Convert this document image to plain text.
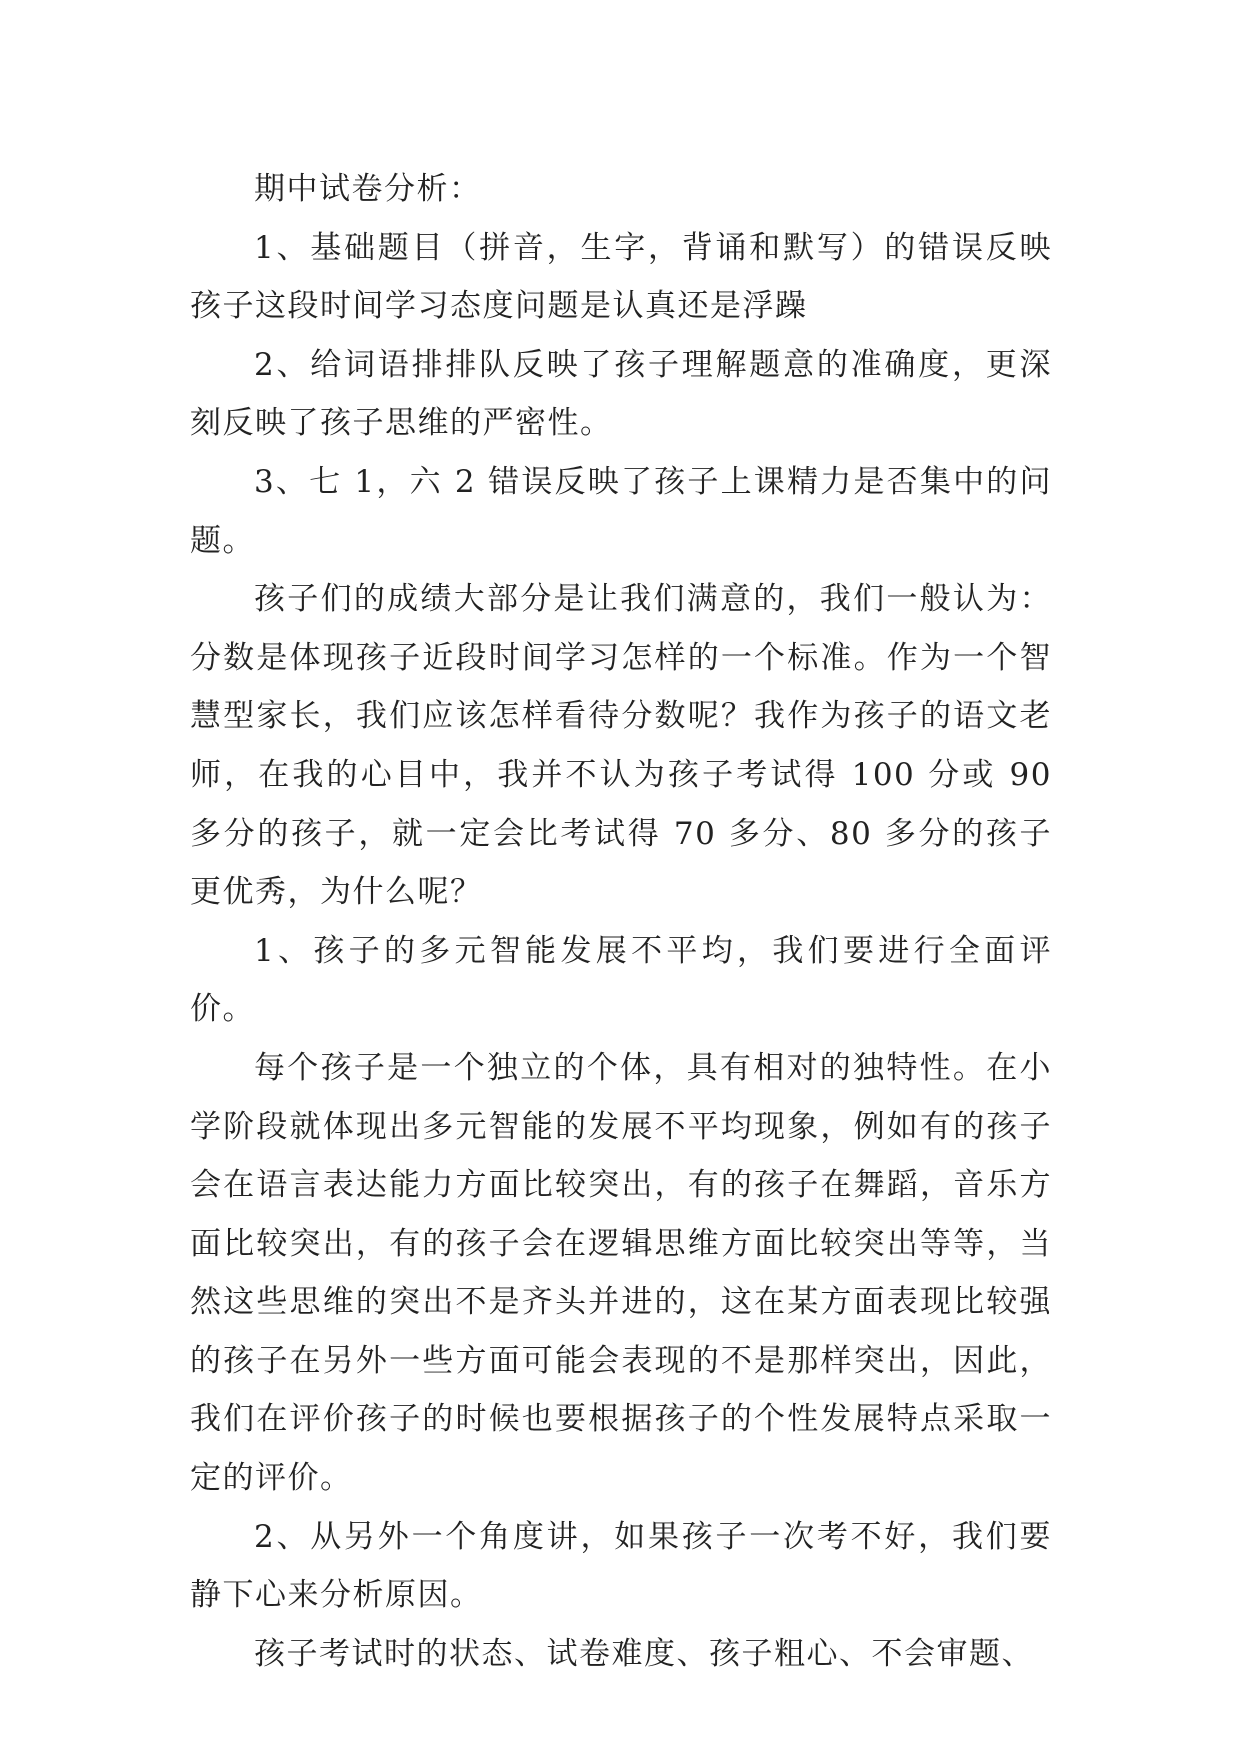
期中试卷分析：

1、基础题目（拼音，生字，背诵和默写）的错误反映孩子这段时间学习态度问题是认真还是浮躁

2、给词语排排队反映了孩子理解题意的准确度，更深刻反映了孩子思维的严密性。

3、七 1，六 2 错误反映了孩子上课精力是否集中的问题。

孩子们的成绩大部分是让我们满意的，我们一般认为：分数是体现孩子近段时间学习怎样的一个标准。作为一个智慧型家长，我们应该怎样看待分数呢？我作为孩子的语文老师，在我的心目中，我并不认为孩子考试得 100 分或 90 多分的孩子，就一定会比考试得 70 多分、80 多分的孩子更优秀，为什么呢？

1、孩子的多元智能发展不平均，我们要进行全面评价。

每个孩子是一个独立的个体，具有相对的独特性。在小学阶段就体现出多元智能的发展不平均现象，例如有的孩子会在语言表达能力方面比较突出，有的孩子在舞蹈，音乐方面比较突出，有的孩子会在逻辑思维方面比较突出等等，当然这些思维的突出不是齐头并进的，这在某方面表现比较强的孩子在另外一些方面可能会表现的不是那样突出，因此，我们在评价孩子的时候也要根据孩子的个性发展特点采取一定的评价。

2、从另外一个角度讲，如果孩子一次考不好，我们要静下心来分析原因。

孩子考试时的状态、试卷难度、孩子粗心、不会审题、
